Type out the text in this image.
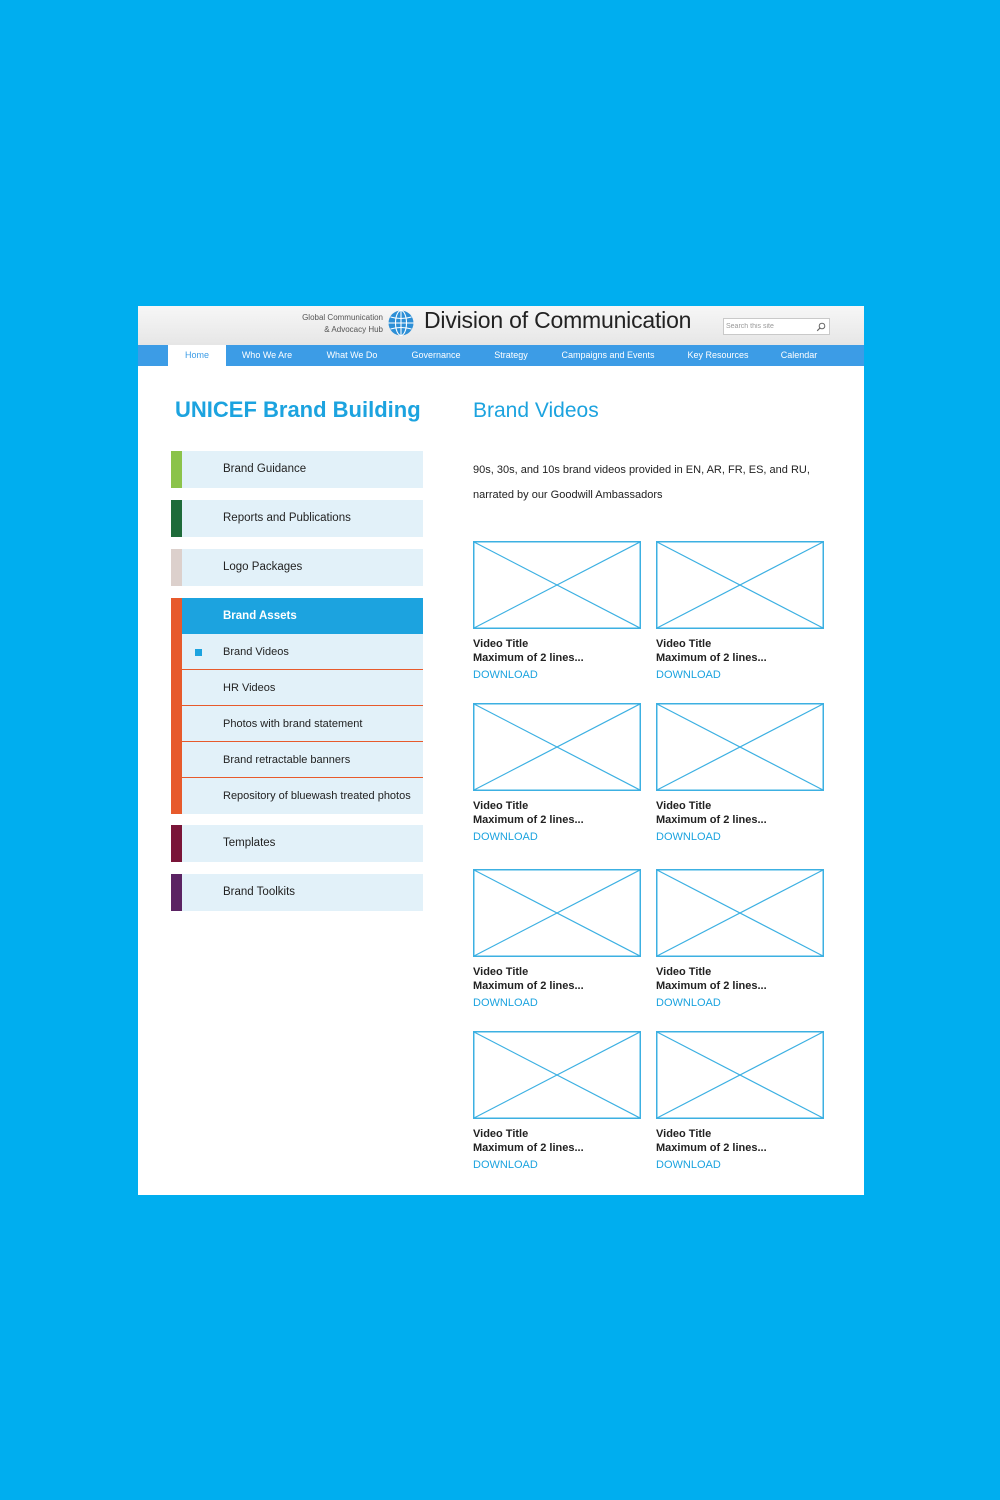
Global Communication
& Advocacy Hub Division of Communication
Search this site
Home	Who We Are	What We Do	Governance	Strategy	Campaigns and Events	Key Resources	Calendar
UNICEF Brand Building
Brand Guidance
Reports and Publications
Logo Packages
Brand Assets
Brand Videos
HR Videos
Photos with brand statement
Brand retractable banners
Repository of bluewash treated photos
Templates
Brand Toolkits
Brand Videos
90s, 30s, and 10s brand videos provided in EN, AR, FR, ES, and RU, narrated by our Goodwill Ambassadors
Video Title
Maximum of 2 lines...
DOWNLOAD
Video Title
Maximum of 2 lines...
DOWNLOAD
Video Title
Maximum of 2 lines...
DOWNLOAD
Video Title
Maximum of 2 lines...
DOWNLOAD
Video Title
Maximum of 2 lines...
DOWNLOAD
Video Title
Maximum of 2 lines...
DOWNLOAD
Video Title
Maximum of 2 lines...
DOWNLOAD
Video Title
Maximum of 2 lines...
DOWNLOAD
